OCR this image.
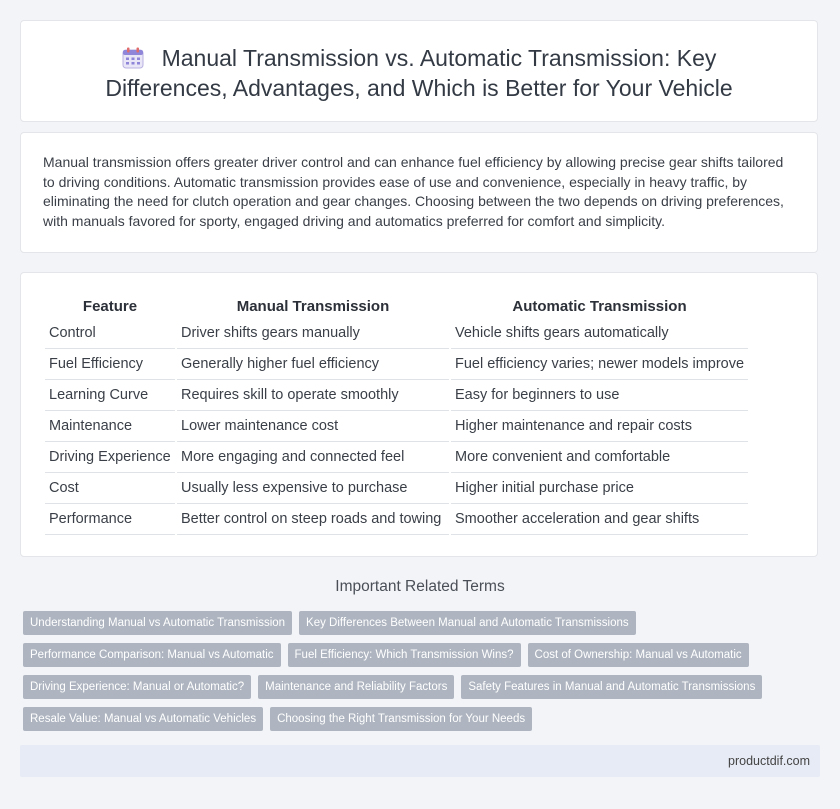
Manual Transmission vs. Automatic Transmission: Key Differences, Advantages, and Which is Better for Your Vehicle

Manual transmission offers greater driver control and can enhance fuel efficiency by allowing precise gear shifts tailored to driving conditions. Automatic transmission provides ease of use and convenience, especially in heavy traffic, by eliminating the need for clutch operation and gear changes. Choosing between the two depends on driving preferences, with manuals favored for sporty, engaged driving and automatics preferred for comfort and simplicity.

Feature	Manual Transmission	Automatic Transmission
Control	Driver shifts gears manually	Vehicle shifts gears automatically
Fuel Efficiency	Generally higher fuel efficiency	Fuel efficiency varies; newer models improve
Learning Curve	Requires skill to operate smoothly	Easy for beginners to use
Maintenance	Lower maintenance cost	Higher maintenance and repair costs
Driving Experience	More engaging and connected feel	More convenient and comfortable
Cost	Usually less expensive to purchase	Higher initial purchase price
Performance	Better control on steep roads and towing	Smoother acceleration and gear shifts
Important Related Terms
Understanding Manual vs Automatic Transmission	Key Differences Between Manual and Automatic Transmissions
Performance Comparison: Manual vs Automatic	Fuel Efficiency: Which Transmission Wins?	Cost of Ownership: Manual vs Automatic
Driving Experience: Manual or Automatic?	Maintenance and Reliability Factors	Safety Features in Manual and Automatic Transmissions
Resale Value: Manual vs Automatic Vehicles	Choosing the Right Transmission for Your Needs
productdif.com
